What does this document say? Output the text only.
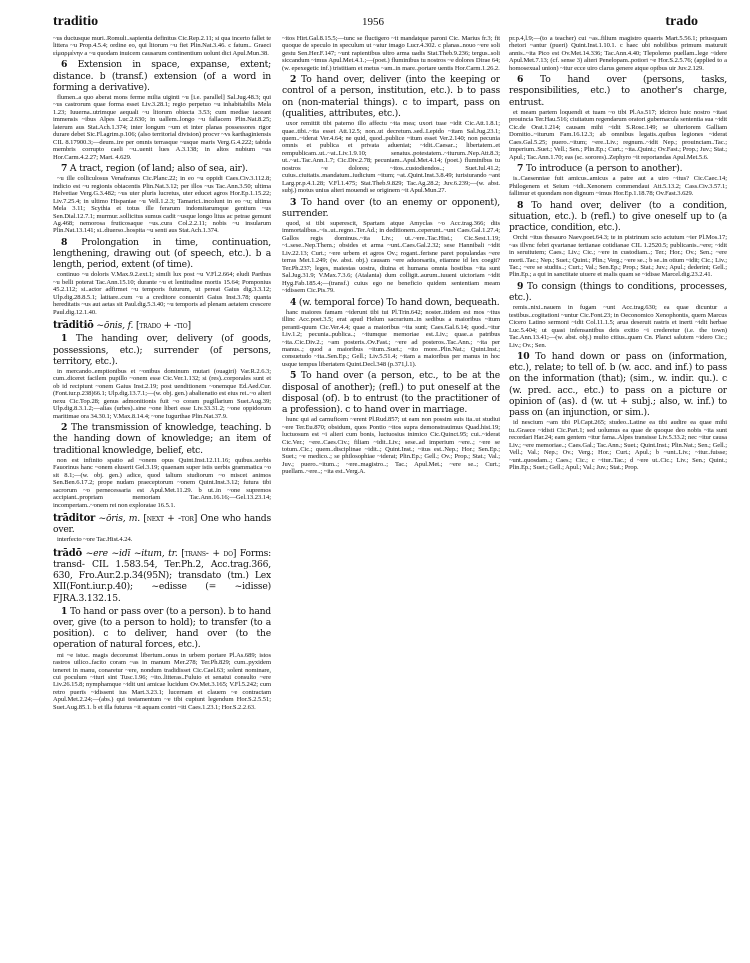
traditio	1956	trado

~us ductusque muri..Romuli..sapientia definitus Cic.Rep.2.11; si qua incerto fallet te littera ~u Prop.4.5.4; ordine eo, qui litorum ~u fiet Plin.Nat.3.46. c fatum.. Graeci εἱμαρμένην a ~u quodam inuicem causarum continentium uolunt dici Apul.Mun.38.

6 Extension in space, expanse, extent; distance. b (transf.) extension (of a word in forming a derivative).

flumen..a quo aberat mons ferme milia uiginti ~u [i.e. parallel] Sal.Jug.48.3; qui ~us castrorum quae forma esset Liv.3.28.1; regio perpetuo ~u inhabitabilis Mela 1.23; Iuuerna..utrimque aequali ~u litorum obiecta 3.53; cum mediae iaceant immensis ~ibus Alpes Luc.2.630; in uallem..longo ~u fallacem Plin.Nat.8.25; laterum aus Stat.Ach.1.374; inter longum ~um et inter planas possessores rigor durare debet Sic.Fl.agrim.p.106; (also territorial division) procvr ~vs karthaginiensis CIL 8.17900.3;—deum..ire per omnis terrasque ~usque maris Verg.G.4.222; tabida membris corrupto caeli ~u..uenit lues A.3.138; in altos nubium ~us Hor.Carm.4.2.27; Mart. 4.629.

7 A tract, region (of land; also of sea, air).

~u ille colliculosus Venafranus Cic.Planc.22; in eo ~u oppidi Caes.Civ.3.112.8; indicio est ~u regionis obiacentis Plin.Nat.3.12; per illos ~us Tac.Ann.3.50; ultima Helvetiae Verg.G.3.482; ~us uter pluris lucretus, uter educet agros Hor.Ep.1.15.22; Liv.7.25.4; in ultimo Hispaniae ~u Vell.1.2.3; Tamarici..incolunt in eo ~u; ultima Mela 3.11; Scythia et totus ille ferarum indomitarumque gentium ~us Sen.Dial.12.7.1; murmur..sollicitus sumus cadit ~usque longo litus ac petrae gemunt Ag.468; nemorosa fruticosaque ~us..cura Col.2.2.11; nobis ~u insularum Plin.Nat.13.141; si..diuerso..hospita ~u senti aus Stat.Ach.1.374.

8 Prolongation in time, continuation, lengthening, drawing out (of speech, etc.). b a length, period, extent (of time).

continuo ~u doloris V.Max.9.2.ext.1; simili lux post ~u V.Fl.2.664; eludi Parthus ~u belli poterat Tac.Ann.15.10; durante ~u et lentitudine mortis 15.64; Pomponius 45.2.112; si..actor adfirmet ~u temporis futurum, ut pereat Gaius dig.3.3.12; Ulp.dig.28.8.5.1; latitare..cum ~u a creditore conueniri Gaius Inst.3.78; quanta hereditatis ~us aut aetas sit Paul.dig.5.3.40; ~u temporis ad plenam aetatem crescere Paul.dig.12.1.40.

trāditiō ~ōnis, f. [trado + -tio]

1 The handing over, delivery (of goods, possessions, etc.); surrender (of persons, territory, etc.).

in mercando..emptionibus et ~onibus dominum mutari (ouagiri) Var.R.2.6.3; cum..diceret facilem pupillo ~onem esse Cic.Ver.1.132; si (res)..corporales sunt et ob id recipiunt ~onem Gaius Inst.2.19; post uenditionem ~onemque Ed.Aed.Cur.(Font.iur.p.238)66.1; Ulp.dig.13.7.1;—(w. obj. gen.) abalienatio est eius rei..~o alteri nexu Cic.Top.28; genus admonitionis fuit ~o coram pugillarium Suet.Aug.39; Ulp.dig.8.3.1.2;—alias (urbes)..sine ~one liberi esse Liv.33.31.2; ~one oppidorum maritimae ora 34.30.1; V.Max.8.14.4; ~one Iugurthae Plin.Nat.37.9.

2 The transmission of knowledge, teaching. b the handing down of knowledge; an item of traditional knowledge, belief, etc.

non est infinito spatio ad ~onem opus Quint.Inst.12.11.16; quibus..uerbis Fauorinus hanc ~onem eluserit Gel.3.19; quaenam super istis uerbis grammatica ~o sit 8.1;—(w. obj. gen.) adice, quod talium studiorum ~o miscet animos Sen.Ben.6.17.2; prope nudam praeceptorum ~onem Quint.Inst.3.12; futura tibi sacrorum ~o pernecessaria est Apul.Met.11.29. b ut..in ~one supremos accipiant..propriam memoriam Tac.Ann.16.16;—Gel.13.23.14; incompertam..~onem rei non exploratae 16.5.1.

trāditor ~ōris, m. [next + -tor] One who hands over.

interfecto ~ore Tac.Hist.4.24.

trādō ~ere ~idī ~itum, tr. [trans- + do] Forms: transd- CIL 1.583.54, Ter.Ph.2, Acc.trag.366, 630, Fro.Aur.2.p.34(95N); transdato (tm.) Lex XII(Font.iur.p.40); ~edisse (= ~idisse) FJRA.3.132.15.

1 To hand or pass over (to a person). b to hand over, give (to a person to hold); to transfer (to a position). c to deliver, hand over (to the operation of natural forces, etc.).

mi ~e istuc. magis decorumst libertum..onus in urbem portare Pl.As.689; istos rastros uilico..facito coram ~as in manum Mer.278; Ter.Ph.829; cum..pyxidem teneret in manu, conaretur ~ere, nondum tradidisset Cic.Cael.63; solent nominare, cui poculum ~ituri sint Tusc.1.96; ~ito..litteras..Fuluio et senatui consulto ~ere Liv.26.15.8; nymphamque ~idit uni amicae lucidum Ov.Met.3.165; V.Fl.5.242; cum retro puerīs ~idissent ius Mart.3.23.1; lucernam et clauem ~e contractam Apul.Met.2.24;—(abs.) qui testamentum ~e tibi cupiunt legendum Hor.S.2.5.51; Suet.Aug.85.1. b et illa futurus ~it aquam contri ~iti Caes.1.23.1; Hor.S.2.2.63.

~itos Hirt.Gal.8.15.5;—tunc se fluctigero ~it mandatque paroni Cic. Marius fr.3; fit quoque de speculo in speculum ut ~atur imago Lucr.4.302. c planas..nouo ~ere soli gestu Sen.Her.F.147; ~unt rapientibus ultro arma uadis Stat.Theb.9.236; tergus..soli siccandum ~imus Apul.Met.4.1.;—(poet.) fluminibus tu nostros ~e dolores Dirae 64; (w. epexegetic inf.) tristitiam et metus ~am..in mare..portare uentis Hor.Carm.1.26.2.

2 To hand over, deliver (into the keeping or control of a person, institution, etc.). b to pass on (non-material things). c to impart, pass on (qualities, attributes, etc.).

uxor remittit tibi paterno illo affectu ~ita mea; uxori tuae ~idit Cic.Att.1.8.1; quae..tibi..~ita esset Att.12.5; non..ut decretum..sed..Lepido ~itam Sal.Jug.23.1; quem..~iderat Ver.4.64; ne quid, quod..publice ~itum esset Ver.2.140; non pecunia omnis et publica et privata adueniat; ~idit..Caesar..; libertatem..et rempublicam..ut..~at..Liv.1.9.10; senatus..potestatem..~iturum..Nep.Att.8.3; ut..~at..Tac.Ann.1.7; Cic.Div.2.78; pecuniam..Apul.Met.4.14; (poet.) fluminibus tu nostros ~e dolores; ~itos..custodiendos..; Suet.Iul.41.2; cuius..ciuitatis..mandatum..iudicium ~itum; ~at..Quint.Inst.3.8.49; iurisiurando ~ant Larg.pr.p.4.1.28; V.Fl.1.475; Stat.Theb.9.829; Tac.Ag.28.2; Juv.6.239;—(w. abst. subj.) motus unius alteri mouendi se originem ~it Apul.Mun.27.

3 To hand over (to an enemy or opponent), surrender.

quod, si tibi superescit, Spartam atque Amyclas ~o Acc.trag.366; diis immortalibus..~is..ut..regno..Ter.Ad.; in deditionem..ceperunt..~unt Caes.Gal.1.27.4; Gallos regis dominus..~ita Liv.; ut..~ere..Tac.Hist.; Cic.Sest.1.19; ~i..sese..Nep.Them.; obsides et arma ~unt..Caes.Gal.2.32; sese Hannibali ~idit Liv.22.13; Curt.; ~ere urbem et agros Ov.; rogant..ferisne paret populandas ~ere terras Met.1.249; (w. abst. obj.) causam ~ere aduorsariis, etiamne id lex coegit? Ter.Ph.237; leges, maiestas uostra, diuina et humana omnia hostibus ~ita sunt Sal.Jug.31.9; V.Max.7.3.6; (Atalanta) dum colligit..aurum..iuueni uictoriam ~idit Hyg.Fab.185.4;—(transf.) cuius ego ne beneficio quidem sententiam meam ~idissem Cic.Pis.79.

4 (w. temporal force) To hand down, bequeath.

hanc maiores famam ~iderunt tibi tui Pl.Trin.642; noster..itidem est mos ~itus illinc Acc.poet.3.5; erat apud Helum sacrarium..in sedibus a maioribus ~itum peranti-quum Cic.Ver.4.4; quae a maioribus ~ita sunt; Caes.Gal.6.14; quod..~itur Liv.1.2; pecunia..publica..; ~itumque memoriae est..Liv.; quae..a patribus ~ita..Cic.Div.2.; ~am posteris..Ov.Fast.; ~ere ad posteros..Tac.Ann.; ~ita per manus..; quod a maioribus ~itum..Suet.; ~ito more..Plin.Nat.; Quint.Inst.; consuetudo ~ita..Sen.Ep.; Gell.; Liv.5.51.4; ~itam a maioribus per manus in hoc usque tempus libertatem Quint.Decl.348 (p.371,l.1).

5 To hand over (a person, etc., to be at the disposal of another); (refl.) to put oneself at the disposal (of). b to entrust (to the practitioner of a profession). c to hand over in marriage.

hunc qui ad carnuficem ~erent Pl.Rud.857; ut eam non possim suis ita..ut studiui ~ere Ter.Eu.870; obsidum, quos Pontio ~itos supra demonstrauimus Quad.hist.19; luctuosum est ~i alieri cum bonis, luctuosius inimico Cic.Quinct.95; cui..~iderat Cic.Ver.; ~ere..Caes.Civ.; filiam ~idit..Liv.; sese..ad imperium ~ere..; ~ere se totum..Cic.; quem..disciplinae ~idit..; Quint.Inst.; ~itus est..Nep.; Hor.; Sen.Ep.; Suet.; ~e medico..; se philosophiae ~iderat; Plin.Ep.; Gell.; Ov.; Prop.; Stat.; Val.; Juv.; puero..~itum..; ~ere..magistro..; Tac.; Apul.Met.; ~ere se..; Curt.; puellam..~ere..; ~ita est..Verg.A.

pr.p.4,l.9;—(to a teacher) cui ~as..filium magistro quaeris Mart.5.56.1; priusquam rhetori ~antur (pueri) Quint.Inst.1.10.1. c haec ubi nobilibus primum maturuit annis..~ita Pico est Ov.Met.14.336; Tac.Ann.4.40; Tlepolemo puellam..lege ~idere Apul.Met.7.13; (cf. sense 3) alteri Penelopam..potiori ~e Hor.S.2.5.76; (applied to a homosexual union) ~itur ecce uiro clarus genere atque opibus uir Juv.2.129.

6 To hand over (persons, tasks, responsibilities, etc.) to another's charge, entrust.

et meam partem loquendi et tuam ~o tibi Pl.As.517; idcirco huic nostro ~itast prouincia Ter.Hau.516; ciuitatum regendarum oratori gubernacula sententia sua ~idit Cic.de Orat.1.214; causam mihi ~idit S.Rosc.149; se ulteriorem Galliam Domitio..~iturum Fam.16.12.3; ab omnibus legatis..quibus legiones ~iderat Caes.Gal.5.25; puero..~itum; ~ere..Liv.; regnum..~idit Nep.; prouinciam..Tac.; imperium..Suet.; Vell.; Sen.; Plin.Ep.; Curt.; ~ita..Quint.; Ov.Fast.; Prop.; Juv.; Stat.; Apul.; Tac.Ann.1.70; eas (sc. sorores)..Zephyro ~it reportandas Apul.Met.5.6.

7 To introduce (a person to another).

is..Caesenniae fuit amicus..amicus a patre aut a uiro ~itus? Cic.Caec.14; Philogenem et Seium ~idi..Xenonem commendaui Att.5.13.2; Cass.Civ.3.57.1; fallimur et quondam non dignum ~imus Hor.Ep.1.18.78; Ov.Fast.3.629.

8 To hand over, deliver (to a condition, situation, etc.). b (refl.) to give oneself up to (a practice, condition, etc.).

Orchi ~itus thesauro Naev.poet.64.3; te in pistrinum scio actutum ~ier Pl.Mos.17; ~as illvnc febri qvartanae tertianae cotidianae CIL 1.2520.5; publicanis..~ere; ~idit in seruitutem; Caes.; Liv.; Cic.; ~ere in custodiam..; Ter.; Hor.; Ov.; Sen.; ~ere morti..Tac.; Nep.; Suet.; Quint.; Plin.; Verg.; ~ere se..; b se..in otium ~idit; Cic.; Liv.; Tac.; ~ere se studiis..; Curt.; Val.; Sen.Ep.; Prop.; Stat.; Juv.; Apul.; dederint; Gell.; Plin.Ep.; a qui in sanctitate uiuere et malis quam se ~idisse Marcel.dig.23.2.41.

9 To consign (things to conditions, processes, etc.).

remis..nixi..nauem in fugam ~unt Acc.trag.630; ea quae dicuntur a testibus..cogitationi ~untur Cic.Font.23; in Oeconomico Xenophontis, quem Marcus Cicero Latino sermoni ~idit Col.11.1.5; arua deseruit rastris et inerti ~idit herbae Luc.5.404; ut quasi infensantibus deis exitio ~i crederetur (i.e. the town) Tac.Ann.13.41;—(w. abst. obj.) multo citius..quam Cn. Planci salutem ~idero Cic.; Liv.; Ov.; Sen.

10 To hand down or pass on (information, etc.), relate; to tell of. b (w. acc. and inf.) to pass on the information (that); (sim., w. indir. qu.). c (w. pred. acc., etc.) to pass on a picture or opinion of (as). d (w. ut + subj.; also, w. inf.) to pass on (an injunction, or sim.).

id nescium ~am tibi Pl.Capt.265; studeo..Latine ea tibi audire ea quae mihi tu..Graece ~idisti Cic.Part.1; sed uolumus ea quae de quoque deo nobis ~ita sunt recordari Har.24; eam gentem ~itur fama..Alpes transisse Liv.5.33.2; nec ~itur causa Liv.; ~ere memoriae..; Caes.Gal.; Tac.Ann.; Suet.; Quint.Inst.; Plin.Nat.; Sen.; Gell.; Vell.; Val.; Nep.; Ov.; Verg.; Hor.; Curt.; Apul.; b ~unt..Liv.; ~itur..fuisse; ~unt..quosdam..; Caes.; Cic.; c ~itur..Tac.; d ~ere ut..Cic.; Liv.; Sen.; Quint.; Plin.Ep.; Suet.; Gell.; Apul.; Val.; Juv.; Stat.; Prop.
